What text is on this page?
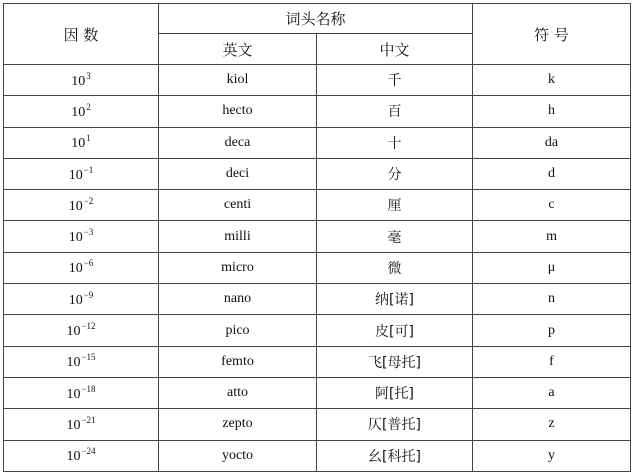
因 数	词头名称		符 号
	英文	中文	
$10^3$	kiol	千	k
$10^2$	hecto	百	h
$10^1$	deca	十	da
$10^{-1}$	deci	分	d
$10^{-2}$	centi	厘	c
$10^{-3}$	milli	毫	m
$10^{-6}$	micro	微	μ
$10^{-9}$	nano	纳[诺]	n
$10^{-12}$	pico	皮[可]	p
$10^{-15}$	femto	飞[母托]	f
$10^{-18}$	atto	阿[托]	a
$10^{-21}$	zepto	仄[普托]	z
$10^{-24}$	yocto	幺[科托]	y
